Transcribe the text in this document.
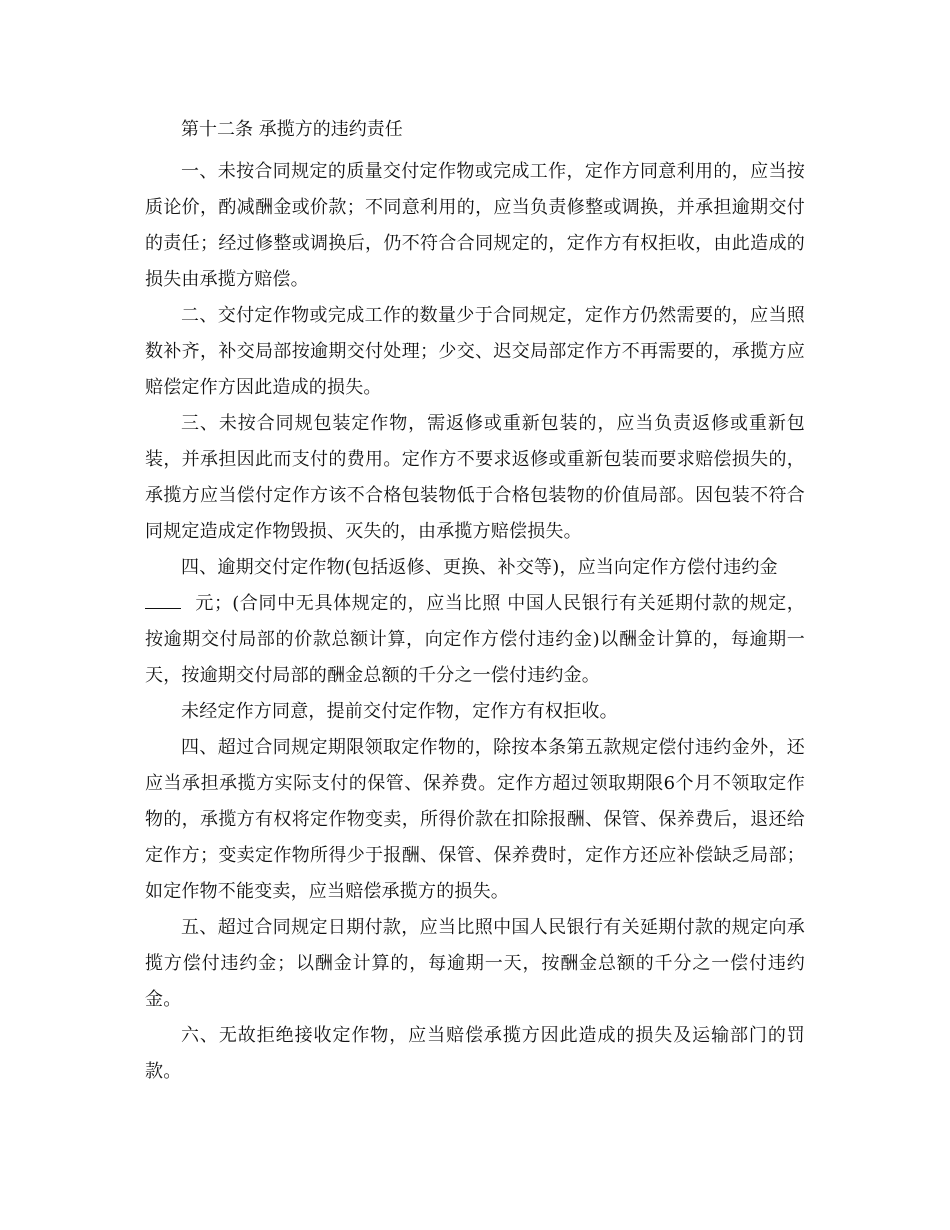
第十二条 承揽方的违约责任

一、未按合同规定的质量交付定作物或完成工作，定作方同意利用的，应当按质论价，酌减酬金或价款；不同意利用的，应当负责修整或调换，并承担逾期交付的责任；经过修整或调换后，仍不符合合同规定的，定作方有权拒收，由此造成的损失由承揽方赔偿。

二、交付定作物或完成工作的数量少于合同规定，定作方仍然需要的，应当照数补齐，补交局部按逾期交付处理；少交、迟交局部定作方不再需要的，承揽方应赔偿定作方因此造成的损失。

三、未按合同规包装定作物，需返修或重新包装的，应当负责返修或重新包装，并承担因此而支付的费用。定作方不要求返修或重新包装而要求赔偿损失的，承揽方应当偿付定作方该不合格包装物低于合格包装物的价值局部。因包装不符合同规定造成定作物毁损、灭失的，由承揽方赔偿损失。

四、逾期交付定作物(包括返修、更换、补交等)，应当向定作方偿付违约金
元；(合同中无具体规定的，应当比照 中国人民银行有关延期付款的规定，按逾期交付局部的价款总额计算，向定作方偿付违约金)以酬金计算的，每逾期一天，按逾期交付局部的酬金总额的千分之一偿付违约金。

未经定作方同意，提前交付定作物，定作方有权拒收。

四、超过合同规定期限领取定作物的，除按本条第五款规定偿付违约金外，还应当承担承揽方实际支付的保管、保养费。定作方超过领取期限6个月不领取定作物的，承揽方有权将定作物变卖，所得价款在扣除报酬、保管、保养费后，退还给定作方；变卖定作物所得少于报酬、保管、保养费时，定作方还应补偿缺乏局部；如定作物不能变卖，应当赔偿承揽方的损失。

五、超过合同规定日期付款，应当比照中国人民银行有关延期付款的规定向承揽方偿付违约金；以酬金计算的，每逾期一天，按酬金总额的千分之一偿付违约金。

六、无故拒绝接收定作物，应当赔偿承揽方因此造成的损失及运输部门的罚款。
